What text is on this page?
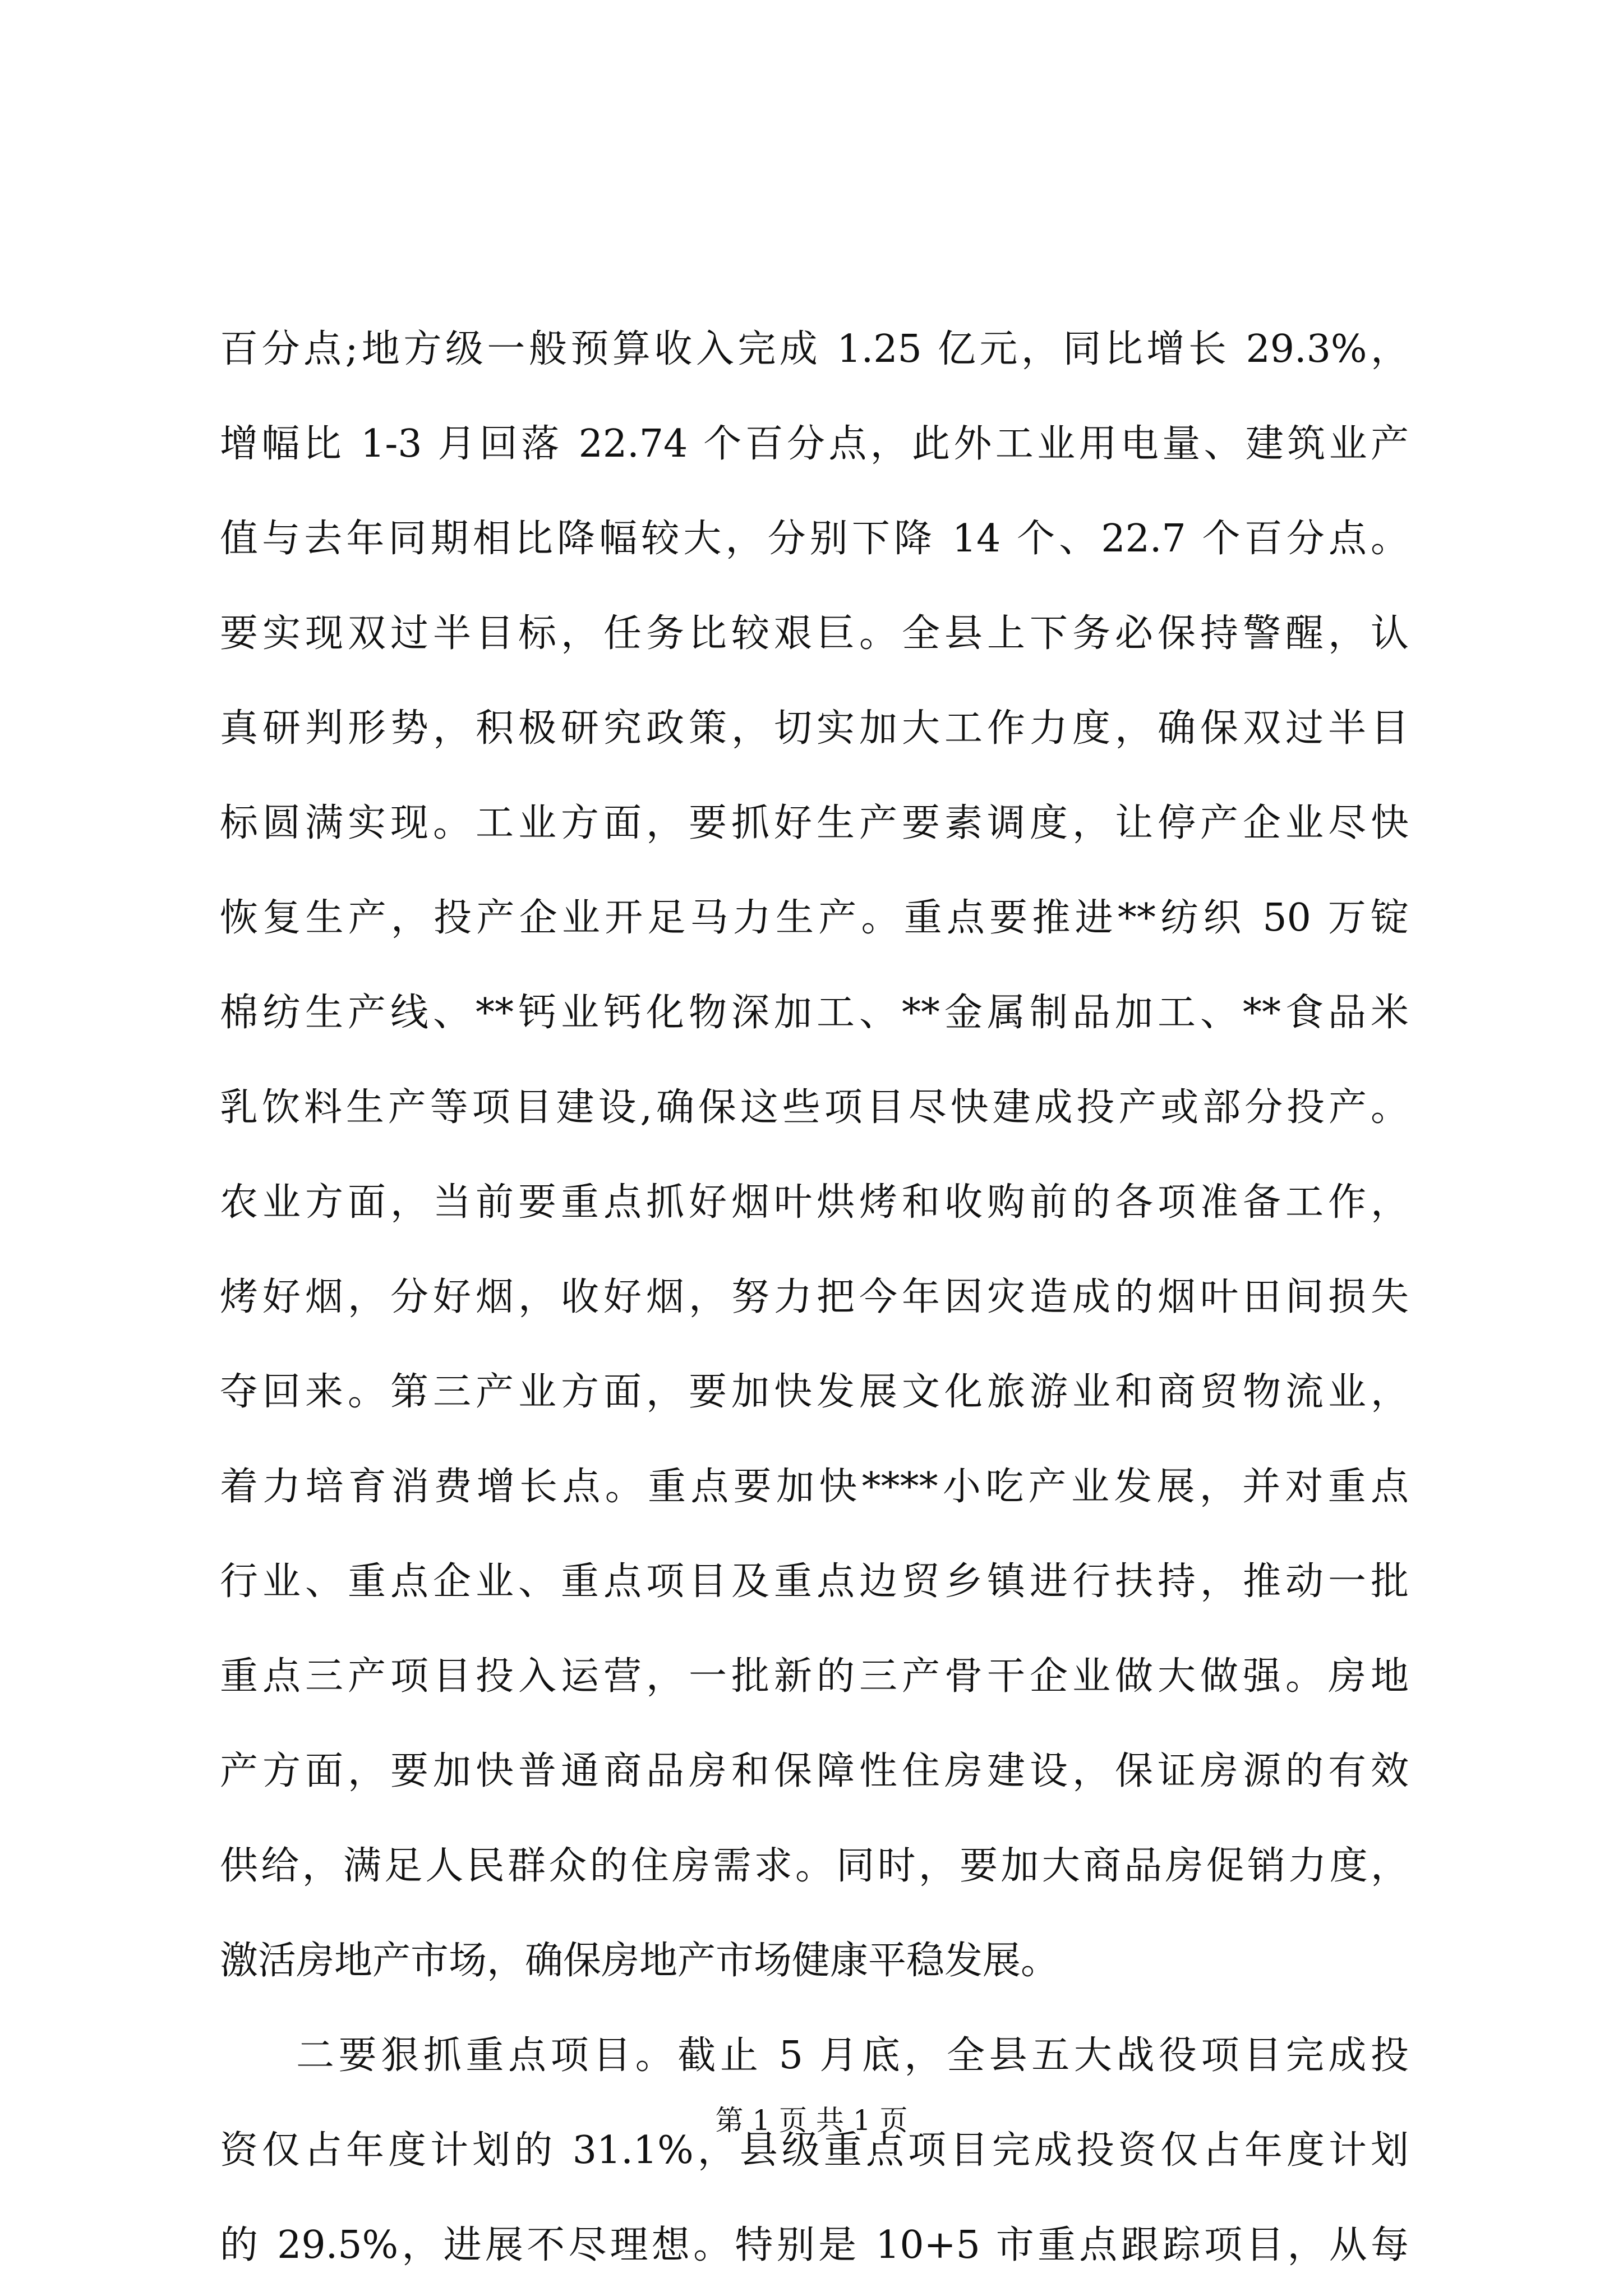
百分点;地方级一般预算收入完成 1.25 亿元，同比增长 29.3%，
增幅比 1-3 月回落 22.74 个百分点，此外工业用电量、建筑业产
值与去年同期相比降幅较大，分别下降 14 个、22.7 个百分点。
要实现双过半目标，任务比较艰巨。全县上下务必保持警醒，认
真研判形势，积极研究政策，切实加大工作力度，确保双过半目
标圆满实现。工业方面，要抓好生产要素调度，让停产企业尽快
恢复生产，投产企业开足马力生产。重点要推进**纺织 50 万锭
棉纺生产线、**钙业钙化物深加工、**金属制品加工、**食品米
乳饮料生产等项目建设,确保这些项目尽快建成投产或部分投产。
农业方面，当前要重点抓好烟叶烘烤和收购前的各项准备工作，
烤好烟，分好烟，收好烟，努力把今年因灾造成的烟叶田间损失
夺回来。第三产业方面，要加快发展文化旅游业和商贸物流业，
着力培育消费增长点。重点要加快****小吃产业发展，并对重点
行业、重点企业、重点项目及重点边贸乡镇进行扶持，推动一批
重点三产项目投入运营，一批新的三产骨干企业做大做强。房地
产方面，要加快普通商品房和保障性住房建设，保证房源的有效
供给，满足人民群众的住房需求。同时，要加大商品房促销力度，
激活房地产市场，确保房地产市场健康平稳发展。
二要狠抓重点项目。截止 5 月底，全县五大战役项目完成投
资仅占年度计划的 31.1%，县级重点项目完成投资仅占年度计划
的 29.5%，进展不尽理想。特别是 10+5 市重点跟踪项目，从每
第 1 页 共 1 页
